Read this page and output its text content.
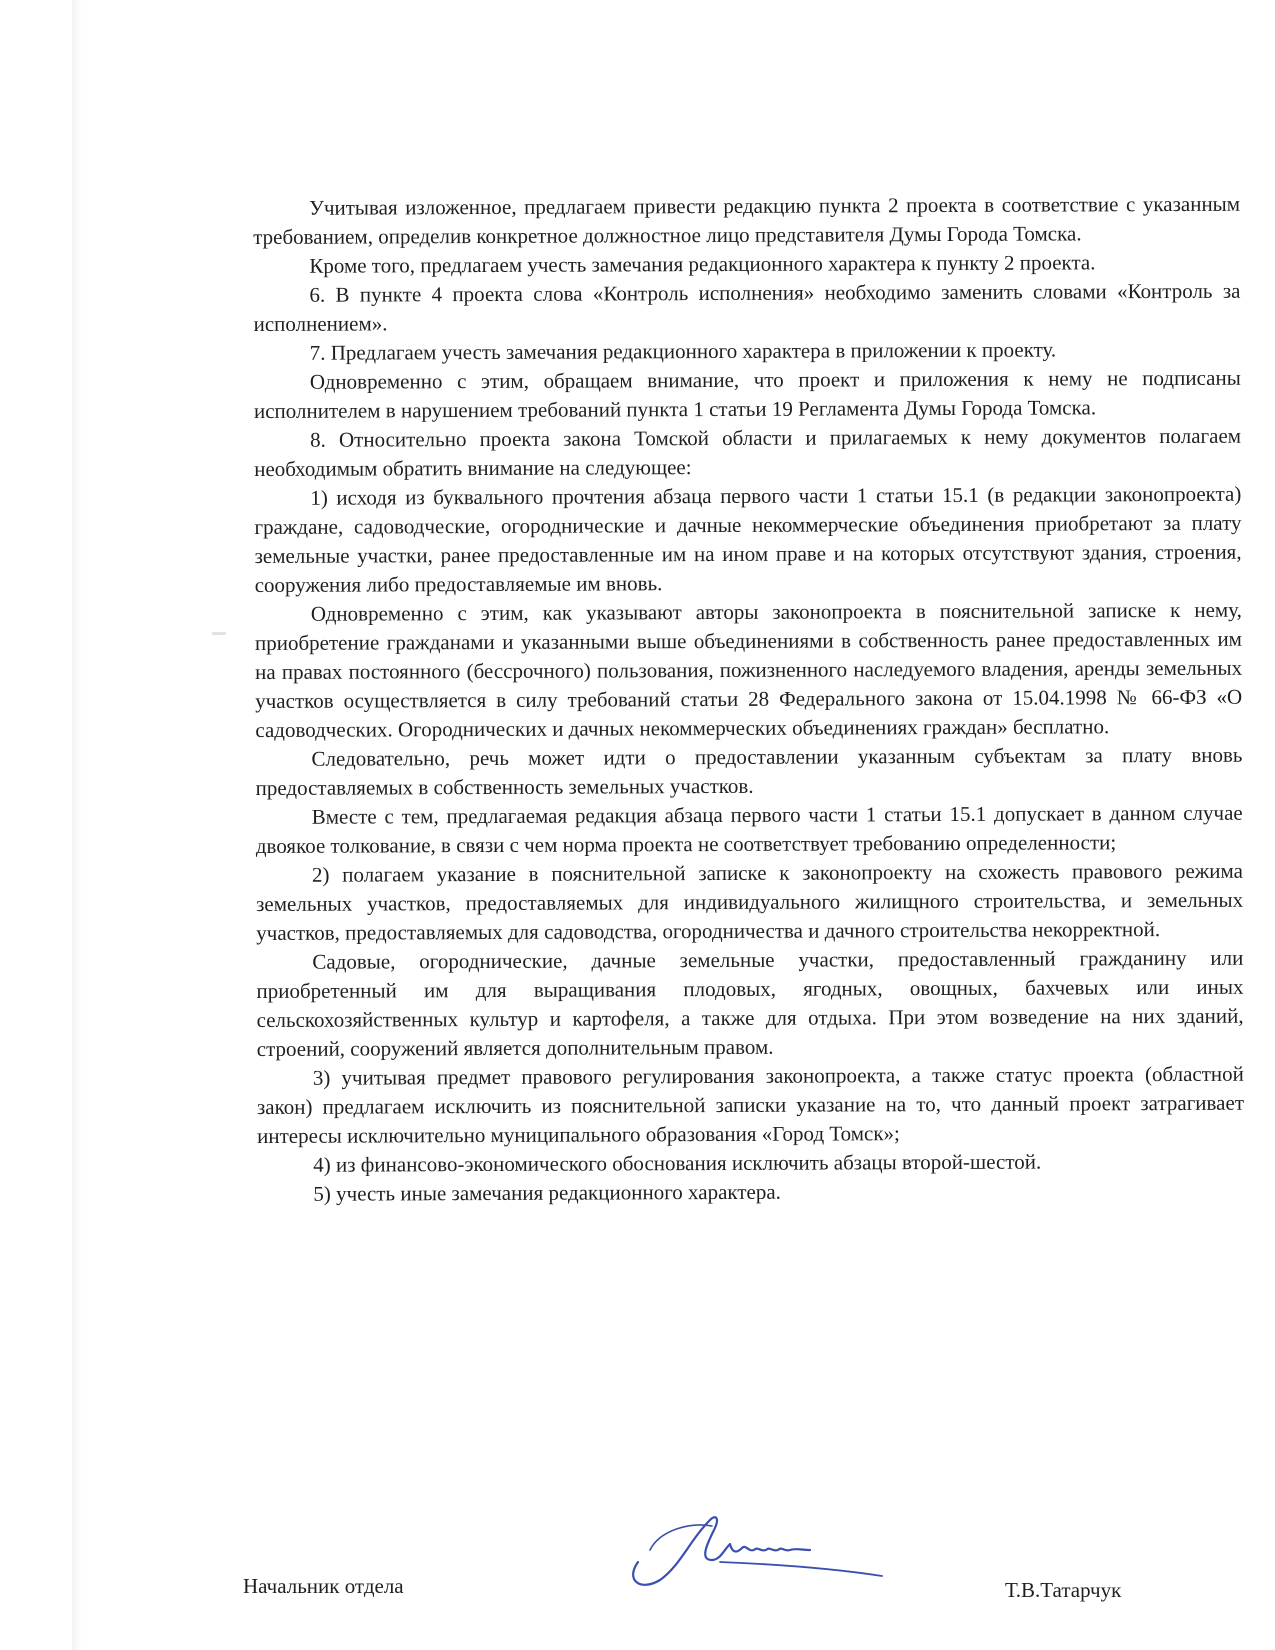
Учитывая изложенное, предлагаем привести редакцию пункта 2 проекта в соответствие с указанным требованием, определив конкретное должностное лицо представителя Думы Города Томска.

Кроме того, предлагаем учесть замечания редакционного характера к пункту 2 проекта.

6. В пункте 4 проекта слова «Контроль исполнения» необходимо заменить словами «Контроль за исполнением».

7. Предлагаем учесть замечания редакционного характера в приложении к проекту.

Одновременно с этим, обращаем внимание, что проект и приложения к нему не подписаны исполнителем в нарушением требований пункта 1 статьи 19 Регламента Думы Города Томска.

8. Относительно проекта закона Томской области и прилагаемых к нему документов полагаем необходимым обратить внимание на следующее:

1) исходя из буквального прочтения абзаца первого части 1 статьи 15.1 (в редакции законопроекта) граждане, садоводческие, огороднические и дачные некоммерческие объединения приобретают за плату земельные участки, ранее предоставленные им на ином праве и на которых отсутствуют здания, строения, сооружения либо предоставляемые им вновь.

Одновременно с этим, как указывают авторы законопроекта в пояснительной записке к нему, приобретение гражданами и указанными выше объединениями в собственность ранее предоставленных им на правах постоянного (бессрочного) пользования, пожизненного наследуемого владения, аренды земельных участков осуществляется в силу требований статьи 28 Федерального закона от 15.04.1998 № 66-ФЗ «О садоводческих. Огороднических и дачных некоммерческих объединениях граждан» бесплатно.

Следовательно, речь может идти о предоставлении указанным субъектам за плату вновь предоставляемых в собственность земельных участков.

Вместе с тем, предлагаемая редакция абзаца первого части 1 статьи 15.1 допускает в данном случае двоякое толкование, в связи с чем норма проекта не соответствует требованию определенности;

2) полагаем указание в пояснительной записке к законопроекту на схожесть правового режима земельных участков, предоставляемых для индивидуального жилищного строительства, и земельных участков, предоставляемых для садоводства, огородничества и дачного строительства некорректной.

Садовые, огороднические, дачные земельные участки, предоставленный гражданину или приобретенный им для выращивания плодовых, ягодных, овощных, бахчевых или иных сельскохозяйственных культур и картофеля, а также для отдыха. При этом возведение на них зданий, строений, сооружений является дополнительным правом.

3) учитывая предмет правового регулирования законопроекта, а также статус проекта (областной закон) предлагаем исключить из пояснительной записки указание на то, что данный проект затрагивает интересы исключительно муниципального образования «Город Томск»;

4) из финансово-экономического обоснования исключить абзацы второй-шестой.

5) учесть иные замечания редакционного характера.

Начальник отдела	Т.В.Татарчук
